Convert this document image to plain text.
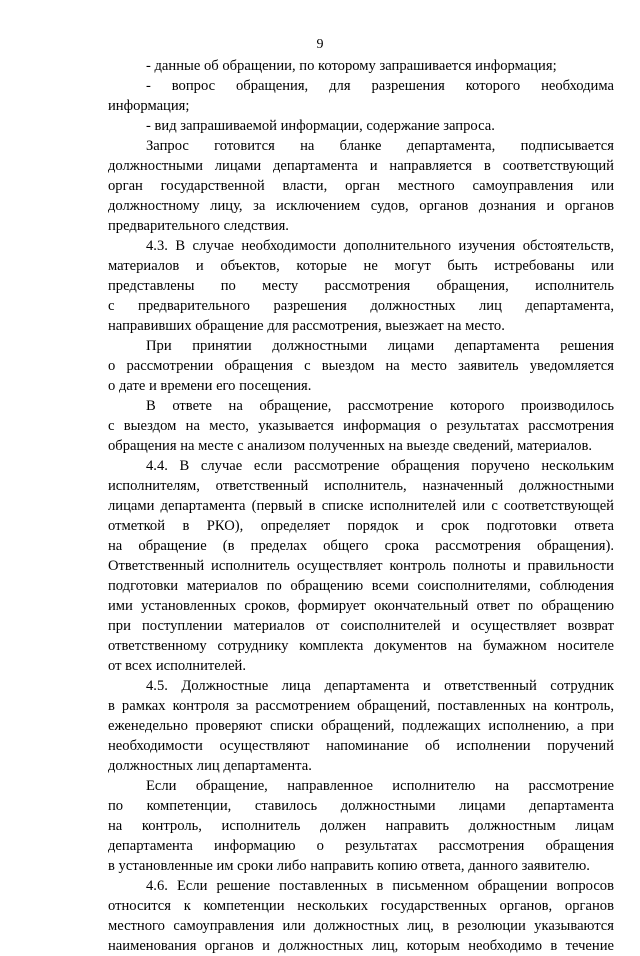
9
- данные об обращении, по которому запрашивается информация;
- вопрос обращения, для разрешения которого необходима
информация;
- вид запрашиваемой информации, содержание запроса.
Запрос готовится на бланке департамента, подписывается
должностными лицами департамента и направляется в соответствующий
орган государственной власти, орган местного самоуправления или
должностному лицу, за исключением судов, органов дознания и органов
предварительного следствия.
4.3. В случае необходимости дополнительного изучения обстоятельств,
материалов и объектов, которые не могут быть истребованы или
представлены по месту рассмотрения обращения, исполнитель
с предварительного разрешения должностных лиц департамента,
направивших обращение для рассмотрения, выезжает на место.
При принятии должностными лицами департамента решения
о рассмотрении обращения с выездом на место заявитель уведомляется
о дате и времени его посещения.
В ответе на обращение, рассмотрение которого производилось
с выездом на место, указывается информация о результатах рассмотрения
обращения на месте с анализом полученных на выезде сведений, материалов.
4.4. В случае если рассмотрение обращения поручено нескольким
исполнителям, ответственный исполнитель, назначенный должностными
лицами департамента (первый в списке исполнителей или с соответствующей
отметкой в РКО), определяет порядок и срок подготовки ответа
на обращение (в пределах общего срока рассмотрения обращения).
Ответственный исполнитель осуществляет контроль полноты и правильности
подготовки материалов по обращению всеми соисполнителями, соблюдения
ими установленных сроков, формирует окончательный ответ по обращению
при поступлении материалов от соисполнителей и осуществляет возврат
ответственному сотруднику комплекта документов на бумажном носителе
от всех исполнителей.
4.5. Должностные лица департамента и ответственный сотрудник
в рамках контроля за рассмотрением обращений, поставленных на контроль,
еженедельно проверяют списки обращений, подлежащих исполнению, а при
необходимости осуществляют напоминание об исполнении поручений
должностных лиц департамента.
Если обращение, направленное исполнителю на рассмотрение
по компетенции, ставилось должностными лицами департамента
на контроль, исполнитель должен направить должностным лицам
департамента информацию о результатах рассмотрения обращения
в установленные им сроки либо направить копию ответа, данного заявителю.
4.6. Если решение поставленных в письменном обращении вопросов
относится к компетенции нескольких государственных органов, органов
местного самоуправления или должностных лиц, в резолюции указываются
наименования органов и должностных лиц, которым необходимо в течение
